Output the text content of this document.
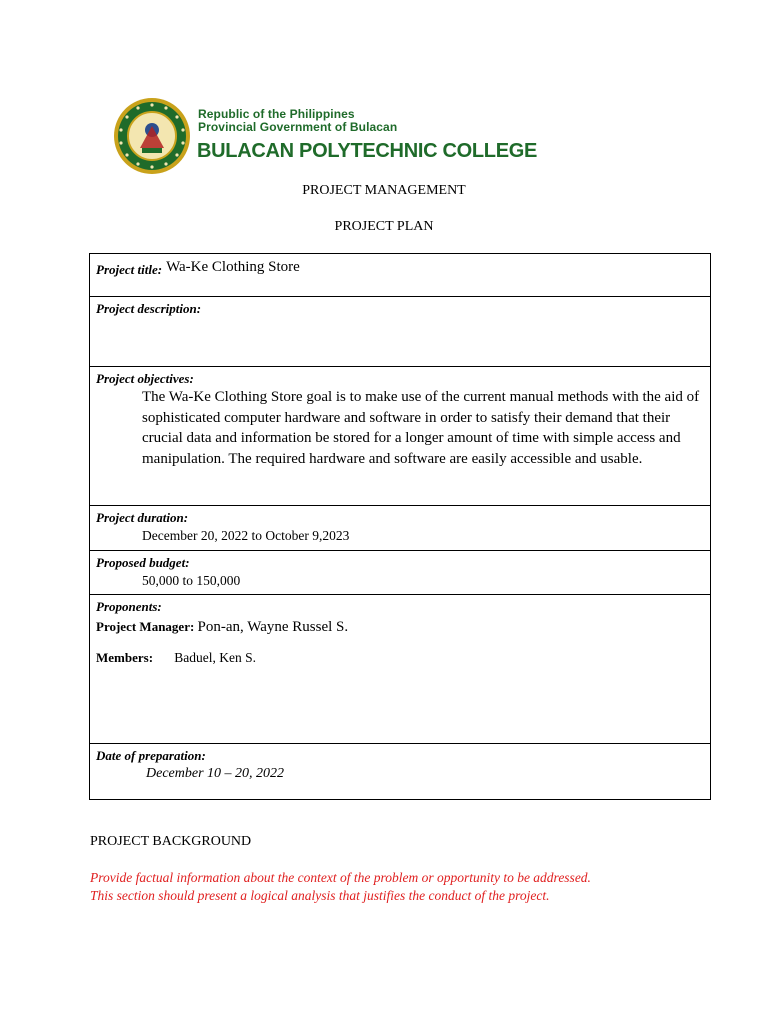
Republic of the Philippines
Provincial Government of Bulacan
BULACAN POLYTECHNIC COLLEGE
PROJECT MANAGEMENT
PROJECT PLAN
Project title: Wa-Ke Clothing Store
Project description:
Project objectives:

The Wa-Ke Clothing Store goal is to make use of the current manual methods with the aid of sophisticated computer hardware and software in order to satisfy their demand that their crucial data and information be stored for a longer amount of time with simple access and manipulation. The required hardware and software are easily accessible and usable.

Project duration:
December 20, 2022 to October 9,2023
Proposed budget:
50,000 to 150,000
Proponents:
Project Manager: Pon-an, Wayne Russel S.
Members: Baduel, Ken S.
Date of preparation:
December 10 – 20, 2022
PROJECT BACKGROUND
Provide factual information about the context of the problem or opportunity to be addressed.
This section should present a logical analysis that justifies the conduct of the project.
